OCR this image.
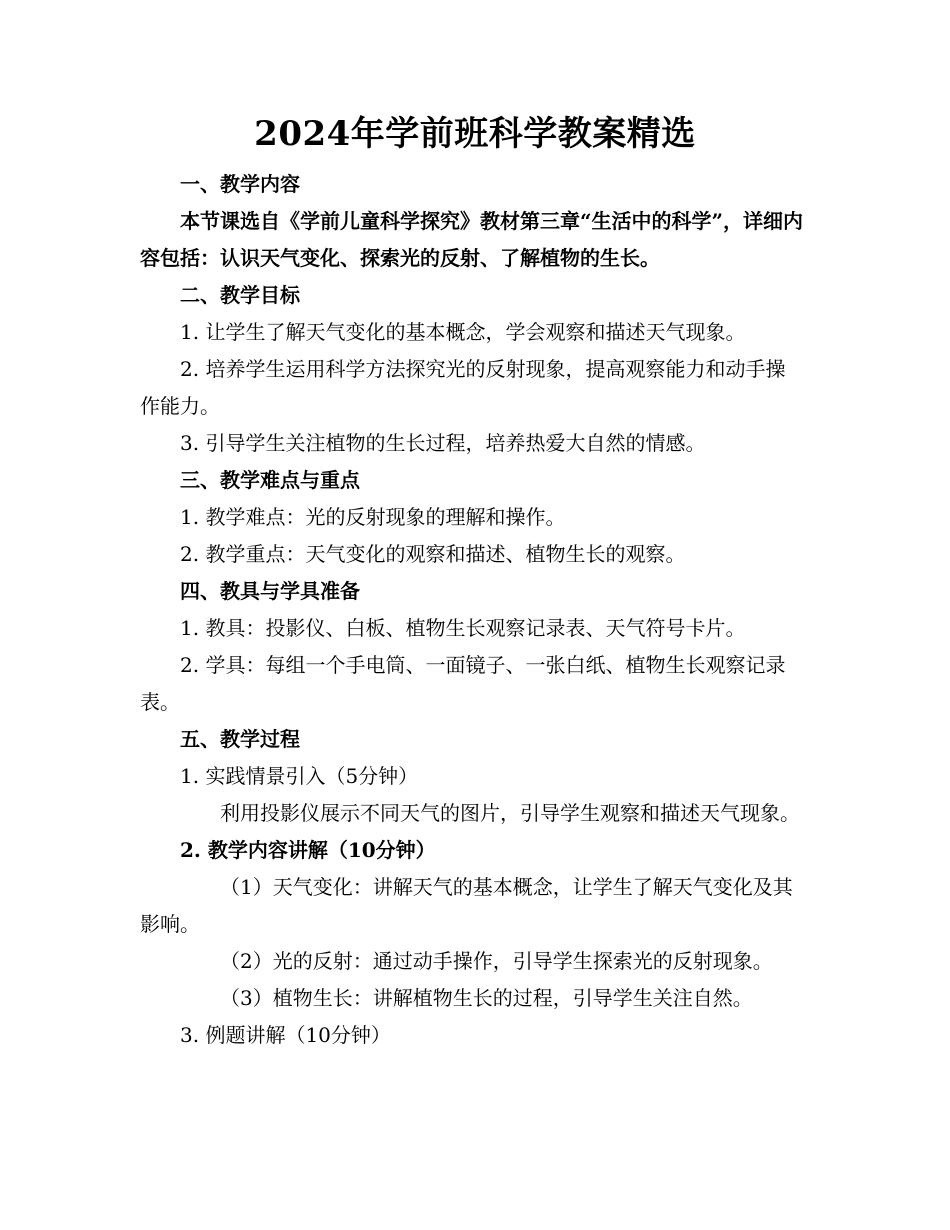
2024年学前班科学教案精选

一、教学内容

本节课选自《学前儿童科学探究》教材第三章“生活中的科学”，详细内容包括：认识天气变化、探索光的反射、了解植物的生长。

二、教学目标

1. 让学生了解天气变化的基本概念，学会观察和描述天气现象。

2. 培养学生运用科学方法探究光的反射现象，提高观察能力和动手操作能力。

3. 引导学生关注植物的生长过程，培养热爱大自然的情感。

三、教学难点与重点

1. 教学难点：光的反射现象的理解和操作。

2. 教学重点：天气变化的观察和描述、植物生长的观察。

四、教具与学具准备

1. 教具：投影仪、白板、植物生长观察记录表、天气符号卡片。

2. 学具：每组一个手电筒、一面镜子、一张白纸、植物生长观察记录表。

五、教学过程

1. 实践情景引入（5分钟）

利用投影仪展示不同天气的图片，引导学生观察和描述天气现象。

2. 教学内容讲解（10分钟）

（1）天气变化：讲解天气的基本概念，让学生了解天气变化及其影响。

（2）光的反射：通过动手操作，引导学生探索光的反射现象。

（3）植物生长：讲解植物生长的过程，引导学生关注自然。

3. 例题讲解（10分钟）
